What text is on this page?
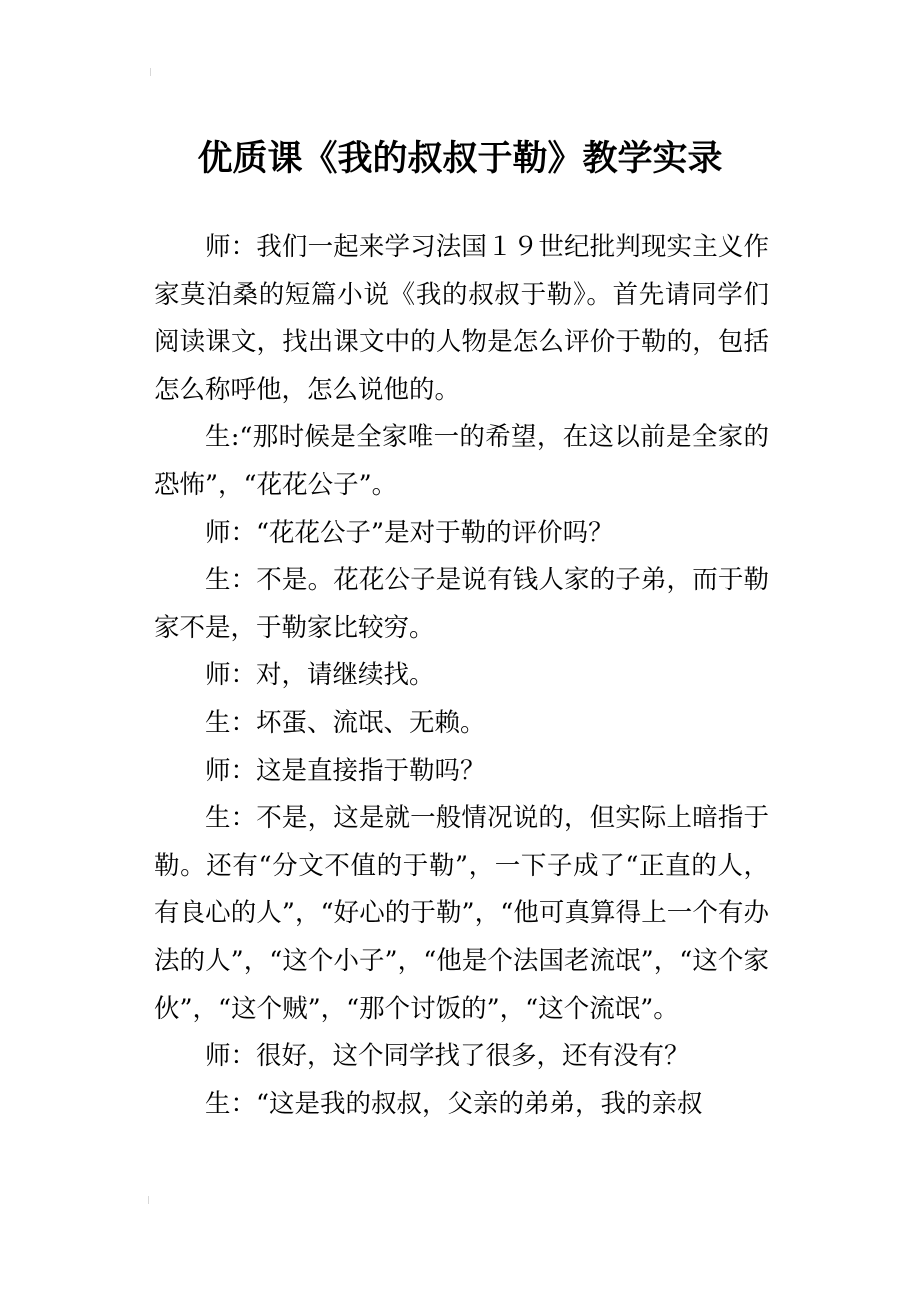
优质课《我的叔叔于勒》教学实录

师：我们一起来学习法国１９世纪批判现实主义作家莫泊桑的短篇小说《我的叔叔于勒》。首先请同学们阅读课文，找出课文中的人物是怎么评价于勒的，包括怎么称呼他，怎么说他的。

生:“那时候是全家唯一的希望，在这以前是全家的恐怖”，“花花公子”。

师：“花花公子”是对于勒的评价吗？

生：不是。花花公子是说有钱人家的子弟，而于勒家不是，于勒家比较穷。

师：对，请继续找。

生：坏蛋、流氓、无赖。

师：这是直接指于勒吗？

生：不是，这是就一般情况说的，但实际上暗指于勒。还有“分文不值的于勒”，一下子成了“正直的人，有良心的人”，“好心的于勒”，“他可真算得上一个有办法的人”，“这个小子”，“他是个法国老流氓”，“这个家伙”，“这个贼”，“那个讨饭的”，“这个流氓”。

师：很好，这个同学找了很多，还有没有？

生：“这是我的叔叔，父亲的弟弟，我的亲叔
